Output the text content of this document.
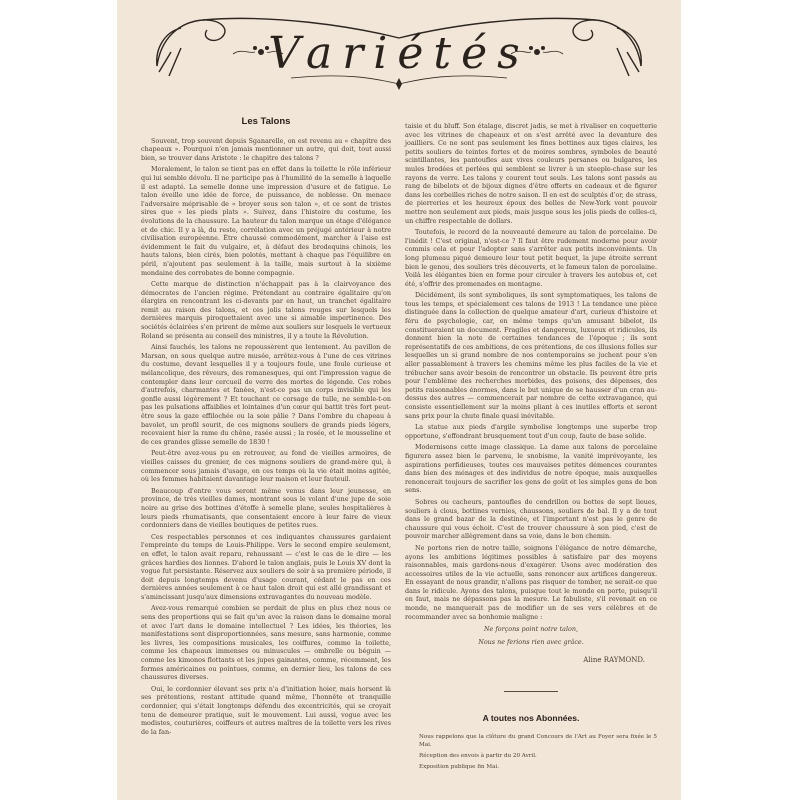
Variétés
Les Talons

Souvent, trop souvent depuis Sganarelle, on est revenu au « chapitre des chapeaux ». Pourquoi n'en jamais mentionner un autre, qui doit, tout aussi bien, se trouver dans Aristote : le chapitre des talons ?

Moralement, le talon se tient pas en effet dans la toilette le rôle inférieur qui lui semble dévolu. Il ne participe pas à l'humilité de la semelle à laquelle il est adapté. La semelle donne une impression d'usure et de fatigue. Le talon éveille une idée de force, de puissance, de noblesse. On menace l'adversaire méprisable de « broyer sous son talon », et ce sont de tristes sires que « les pieds plats ». Suivez, dans l'histoire du costume, les évolutions de la chaussure. La hauteur du talon marque un étage d'élégance et de chic. Il y a là, du reste, corrélation avec un préjugé antérieur à notre civilisation européenne. Être chaussé commodément, marcher à l'aise est évidemment le fait du vulgaire, et, à défaut des brodequins chinois, les hauts talons, bien cirés, bien polotés, mettant à chaque pas l'équilibre en péril, n'ajoutent pas seulement à la taille, mais surtout à la sixième mondaine des corrobates de bonne compagnie.

Cette marque de distinction n'échappait pas à la clairvoyance des démocrates de l'ancien régime. Prétendant au contraire égalitaire qu'on élargira en rencontrant les ci-devants par en haut, un tranchet égalitaire remit au raison des talons, et ces jolis talons rouges sur lesquels les dernières marquis piroquettaient avec une si aimable impertinence. Des sociétés éclairées s'en prirent de même aux souliers sur lesquels le vertueux Roland se présenta au conseil des ministres, il y a toute la Révolution.

Ainsi fauchés, les talons ne repoussèrent que lentement. Au pavillon de Marsan, on sous quelque autre musée, arrêtez-vous à l'une de ces vitrines du costume, devant lesquelles il y a toujours foule, une foule curieuse et mélancolique, des rêveurs, des romanesques, qui ont l'impression vague de contempler dans leur cercueil de verre des mortes de légende. Ces robes d'autrefois, charmantes et fanées, n'est-ce pas un corps invisible qui les gonfle aussi légèrement ? Et touchant ce corsage de tulle, ne semble-t-on pas les pulsations affaiblies et lointaines d'un cœur qui battit très fort peut-être sous la gaze effilochée ou la soie pâlie ? Dans l'ombre du chapeau à bavolet, un profil sourit, de ces mignons souliers de grands pieds légers, recevaient hier la rame du chêne, rasée aussi ; la rosée, et le mousseline et de ces grandes glisse semelle de 1830 !

Peut-être avez-vous pu en retrouver, au fond de vieilles armoires, de vieilles caisses du grenier, de ces mignons souliers de grand-mère qui, à commencer sous jamais d'usage, en ces temps où la vie était moins agitée, où les femmes habitaient davantage leur maison et leur fauteuil.

Beaucoup d'entre vous seront même venus dans leur jeunesse, en province, de très vieilles dames, montrant sous le volant d'une jupe de soie noire au grise des bottines d'étoffe à semelle plane, seules hospitalières à leurs pieds rhumatisants, que consentaient encore à leur faire de vieux cordonniers dans de vieilles boutiques de petites rues.

Ces respectables personnes et ces indiquantes chaussures gardaient l'empreinte du temps de Louis-Philippe. Vers le second empire seulement, en effet, le talon avait reparu, rehaussant — c'est le cas de le dire — les grâces hardies des lionnes. D'abord le talon anglais, puis le Louis XV dont la vogue fut persistante. Réservez aux souliers de soir à sa première période, il doit depuis longtemps devenu d'usage courant, cédant le pas en ces dernières années seulement à ce haut talon droit qui est allé grandissant et s'amincissant jusqu'aux dimensions extravagantes du nouveau modèle.

Avez-vous remarqué combien se perdait de plus en plus chez nous ce sens des proportions qui se fait qu'un avec la raison dans le domaine moral et avec l'art dans le domaine intellectuel ? Les idées, les théories, les manifestations sont disproportionnées, sans mesure, sans harmonie, comme les livres, les compositions musicales, les coiffures, comme la toilette, comme les chapeaux immenses ou minuscules — ombrelle ou béguin — comme les kimonos flottants et les jupes gainantes, comme, récemment, les formes américaines ou pointues, comme, en dernier lieu, les talons de ces chaussures diverses.

Oui, le cordonnier élevant ses prix n'a d'initiation hoier, mais horsent là ses prétentions, restant attitude quand même, l'honnête et tranquille cordonnier, qui s'était longtemps défendu des excentricités, qui se croyait tenu de demeurer pratique, suit le mouvement. Lui aussi, vogue avec les modistes, couturières, coiffeurs et autres maîtres de la toilette vers les rives de la fan-

taisie et du bluff. Son étalage, discret jadis, se met à rivaliser en coquetterie avec les vitrines de chapeaux et on s'est arrêté avec la devanture des joailliers. Ce ne sont pas seulement les fines bottines aux tiges claires, les petits souliers de teintes fortes et de moires sombres, symboles de beauté scintillantes, les pantoufles aux vives couleurs persanes ou bulgares, les mules brodées et perlées qui semblent se livrer à un steeple-chase sur les rayons de verre. Les talons y courent tout seuls. Les talons sont passés au rang de bibelots et de bijoux dignes d'être offerts en cadeaux et de figurer dans les corbeilles riches de notre saison. Il en est de sculptés d'or, de strass, de pierreries et les heureux époux des belles de New-York vont pouvoir mettre non seulement aux pieds, mais jusque sous les jolis pieds de celles-ci, un chiffre respectable de dollars.

Toutefois, le record de la nouveauté demeure au talon de porcelaine. De l'inédit ! C'est original, n'est-ce ? Il faut être rudement moderne pour avoir commis cela et pour l'adopter sans s'arrêter aux petits inconvénients. Un long plumeau piqué demeure leur tout petit bequet, la jupe étroite serrant bien le genou, des souliers très découverts, et le fameux talon de porcelaine. Voilà les élégantes bien en forme pour circuler à travers les autobus et, cet été, s'offrir des promenades en montagne.

Décidément, ils sont symboliques, ils sont symptomatiques, les talons de tous les temps, et spécialement ces talons de 1913 ! La tendance une pièce distinguée dans la collection de quelque amateur d'art, curieux d'histoire et féru de psychologie, car, en même temps qu'un amusant bibelot, ils constitueraient un document. Fragiles et dangereux, luxueux et ridicules, ils donnent bien la note de certaines tendances de l'époque ; ils sont représentatifs de ces ambitions, de ces prétentions, de ces illusions folles sur lesquelles un si grand nombre de nos contemporains se juchent pour s'en aller passablement à travers les chemins même les plus faciles de la vie et trébucher sans avoir besoin de rencontrer un obstacle. Ils peuvent être pris pour l'emblème des recherches morbides, des poisons, des dépenses, des petits raisonnables énormes, dans le but unique de se hausser d'un cran au-dessus des autres — commencerait par nombre de cette extravagance, qui consiste essentiellement sur la moins pliant à ces inutiles efforts et seront sans prix pour la chute finale quasi inévitable.

La statue aux pieds d'argile symbolise longtemps une superbe trop opportune, s'effondrant brusquement tout d'un coup, faute de base solide.

Modernisons cette image classique. La dame aux talons de porcelaine figurera assez bien le parvenu, le snobisme, la vanité imprévoyante, les aspirations perfidieuses, toutes ces mauvaises petites démences courantes dans bien des ménages et des individus de notre époque, mais auxquelles renoncerait toujours de sacrifier les gens de goût et les simples gens de bon sens.

Sobres ou cacheurs, pantoufles de cendrillon ou bottes de sept lieues, souliers à clous, bottines vernies, chaussons, souliers de bal. Il y a de tout dans le grand bazar de la destinée, et l'important n'est pas le genre de chaussure qui vous échoit. C'est de trouver chaussure à son pied, c'est de pouvoir marcher allègrement dans sa voie, dans le bon chemin.

Ne portons rien de notre taille, soignons l'élégance de notre démarche, ayons les ambitions légitimes possibles à satisfaire par des moyens raisonnables, mais gardons-nous d'exagérer. Usons avec modération des accessoires utiles de la vie actuelle, sans renoncer aux artifices dangereux. En essayant de nous grandir, n'allons pas risquer de tomber, ne serait-ce que dans le ridicule. Ayons des talons, puisque tout le monde en porte, puisqu'il en faut, mais ne dépassons pas la mesure. Le fabuliste, s'il revenait en ce monde, ne manquerait pas de modifier un de ses vers célèbres et de recommander avec sa bonhomie maligne :

Ne forçons point notre talon,
Nous ne ferions rien avec grâce.
Aline RAYMOND.
A toutes nos Abonnées.

Nous rappelons que la clôture du grand Concours de l'Art au Foyer sera fixée le 5 Mai.

Réception des envois à partir du 20 Avril.

Exposition publique fin Mai.
